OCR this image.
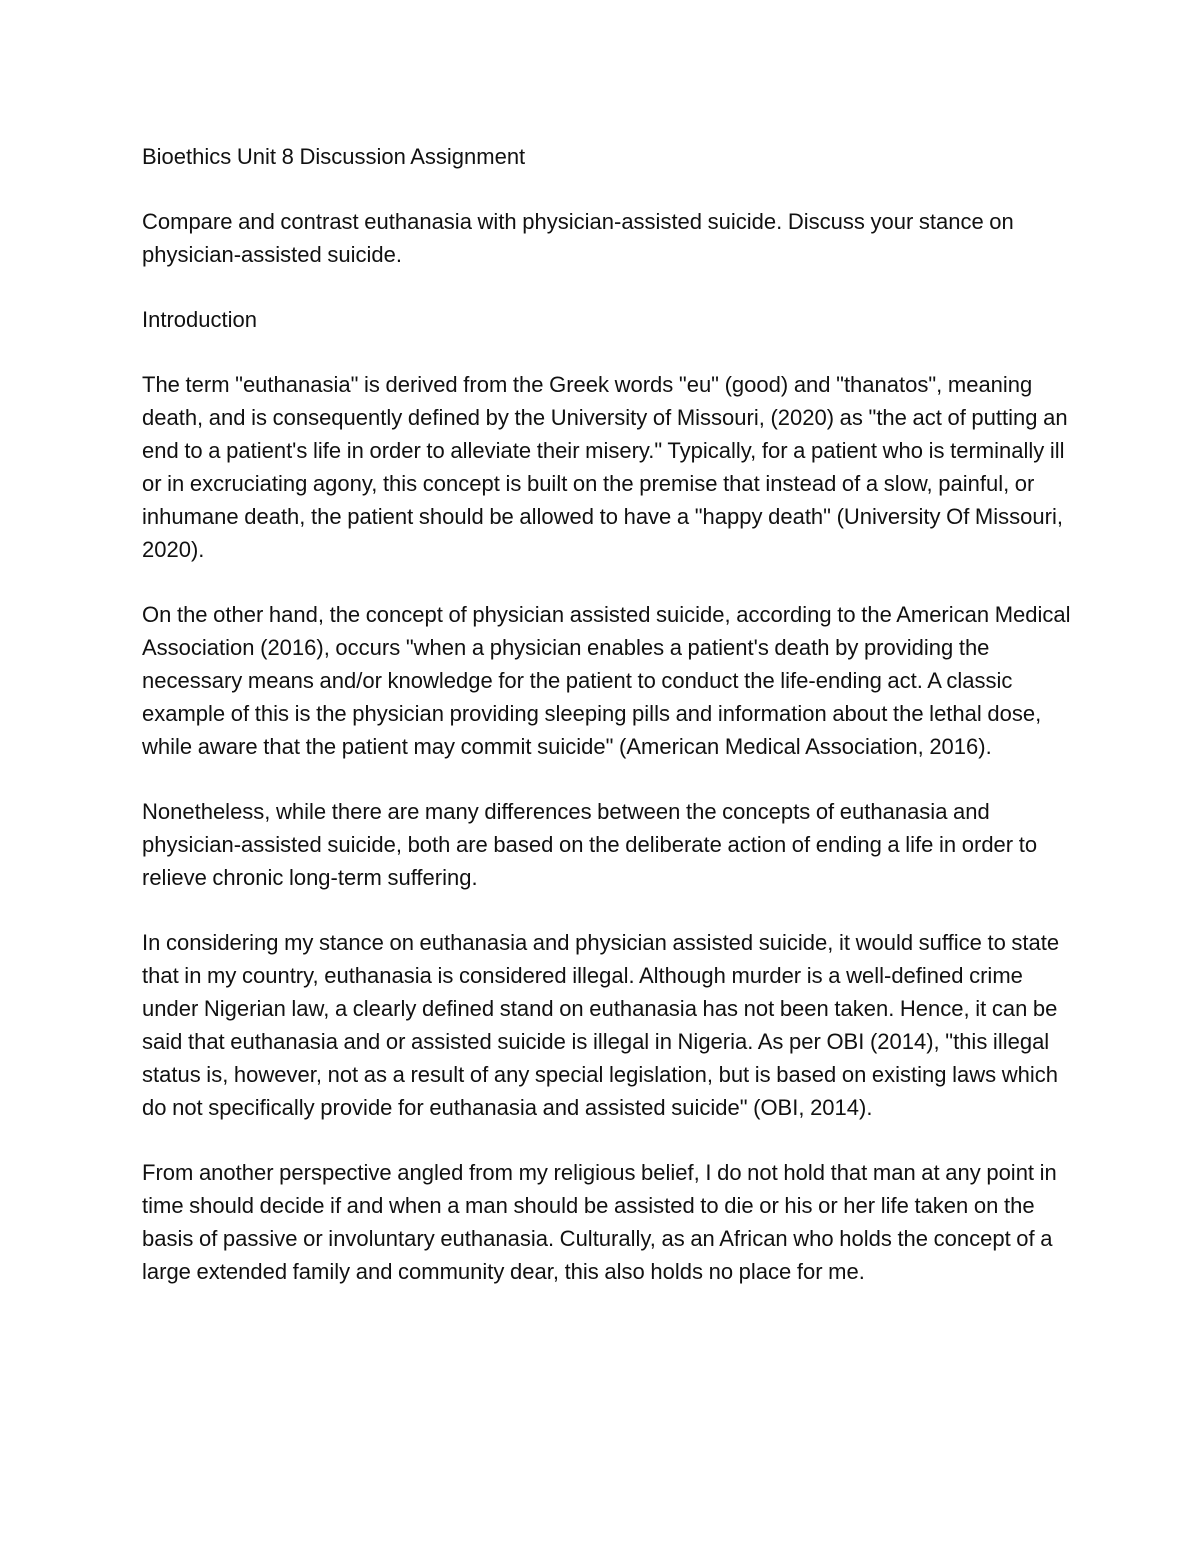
Bioethics Unit 8 Discussion Assignment

Compare and contrast euthanasia with physician-assisted suicide. Discuss your stance on physician-assisted suicide.

Introduction

The term "euthanasia" is derived from the Greek words "eu" (good) and "thanatos", meaning death, and is consequently defined by the University of Missouri, (2020) as "the act of putting an end to a patient's life in order to alleviate their misery." Typically, for a patient who is terminally ill or in excruciating agony, this concept is built on the premise that instead of a slow, painful, or inhumane death, the patient should be allowed to have a "happy death" (University Of Missouri, 2020).

On the other hand, the concept of physician assisted suicide, according to the American Medical Association (2016), occurs "when a physician enables a patient's death by providing the necessary means and/or knowledge for the patient to conduct the life-ending act. A classic example of this is the physician providing sleeping pills and information about the lethal dose, while aware that the patient may commit suicide" (American Medical Association, 2016).

Nonetheless, while there are many differences between the concepts of euthanasia and physician-assisted suicide, both are based on the deliberate action of ending a life in order to relieve chronic long-term suffering.

In considering my stance on euthanasia and physician assisted suicide, it would suffice to state that in my country, euthanasia is considered illegal. Although murder is a well-defined crime under Nigerian law, a clearly defined stand on euthanasia has not been taken. Hence, it can be said that euthanasia and or assisted suicide is illegal in Nigeria. As per OBI (2014), "this illegal status is, however, not as a result of any special legislation, but is based on existing laws which do not specifically provide for euthanasia and assisted suicide" (OBI, 2014).

From another perspective angled from my religious belief, I do not hold that man at any point in time should decide if and when a man should be assisted to die or his or her life taken on the basis of passive or involuntary euthanasia. Culturally, as an African who holds the concept of a large extended family and community dear, this also holds no place for me.
